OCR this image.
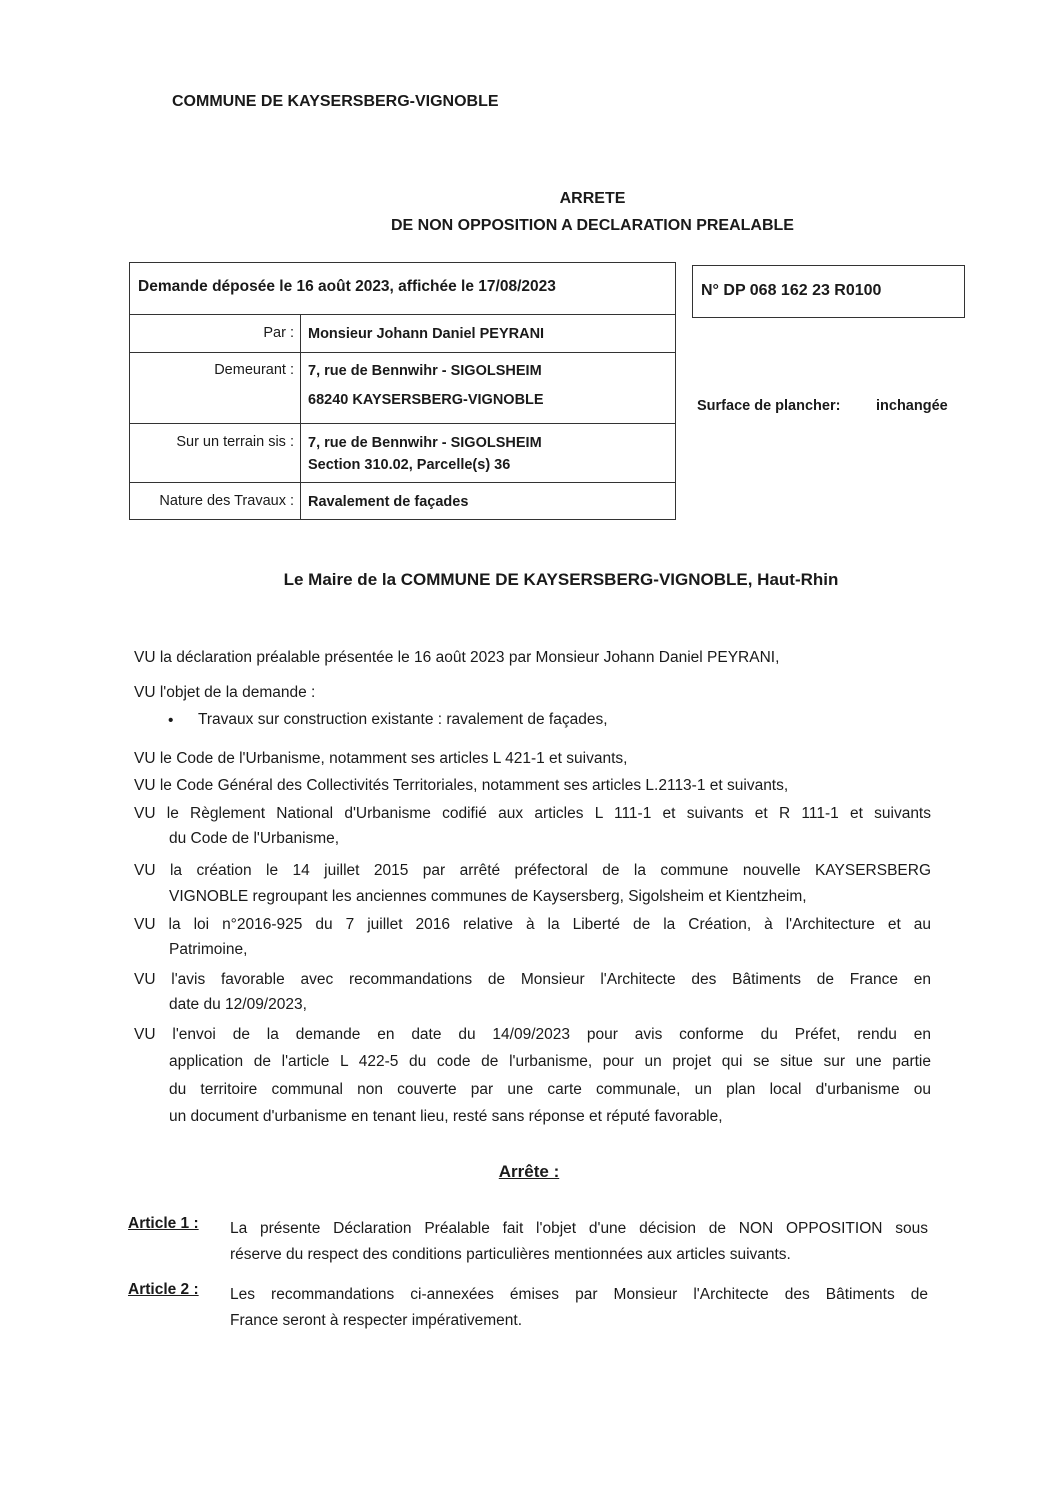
COMMUNE DE KAYSERSBERG-VIGNOBLE
ARRETE
DE NON OPPOSITION A DECLARATION PREALABLE
Demande déposée le 16 août 2023, affichée le 17/08/2023
Par : Monsieur Johann Daniel PEYRANI
Demeurant : 7, rue de Bennwihr - SIGOLSHEIM
68240 KAYSERSBERG-VIGNOBLE
Sur un terrain sis : 7, rue de Bennwihr - SIGOLSHEIM
Section 310.02, Parcelle(s) 36
Nature des Travaux : Ravalement de façades
N° DP 068 162 23 R0100
Surface de plancher: inchangée
Le Maire de la COMMUNE DE KAYSERSBERG-VIGNOBLE, Haut-Rhin
VU la déclaration préalable présentée le 16 août 2023 par Monsieur Johann Daniel PEYRANI,
VU l'objet de la demande :
• Travaux sur construction existante : ravalement de façades,
VU le Code de l'Urbanisme, notamment ses articles L 421-1 et suivants,
VU le Code Général des Collectivités Territoriales, notamment ses articles L.2113-1 et suivants,
VU le Règlement National d'Urbanisme codifié aux articles L 111-1 et suivants et R 111-1 et suivants
du Code de l'Urbanisme,
VU la création le 14 juillet 2015 par arrêté préfectoral de la commune nouvelle KAYSERSBERG
VIGNOBLE regroupant les anciennes communes de Kaysersberg, Sigolsheim et Kientzheim,
VU la loi n°2016-925 du 7 juillet 2016 relative à la Liberté de la Création, à l'Architecture et au
Patrimoine,
VU l'avis favorable avec recommandations de Monsieur l'Architecte des Bâtiments de France en
date du 12/09/2023,
VU l'envoi de la demande en date du 14/09/2023 pour avis conforme du Préfet, rendu en
application de l'article L 422-5 du code de l'urbanisme, pour un projet qui se situe sur une partie
du territoire communal non couverte par une carte communale, un plan local d'urbanisme ou
un document d'urbanisme en tenant lieu, resté sans réponse et réputé favorable,
Arrête :
Article 1 : La présente Déclaration Préalable fait l'objet d'une décision de NON OPPOSITION sous
réserve du respect des conditions particulières mentionnées aux articles suivants.
Article 2 : Les recommandations ci-annexées émises par Monsieur l'Architecte des Bâtiments de
France seront à respecter impérativement.
